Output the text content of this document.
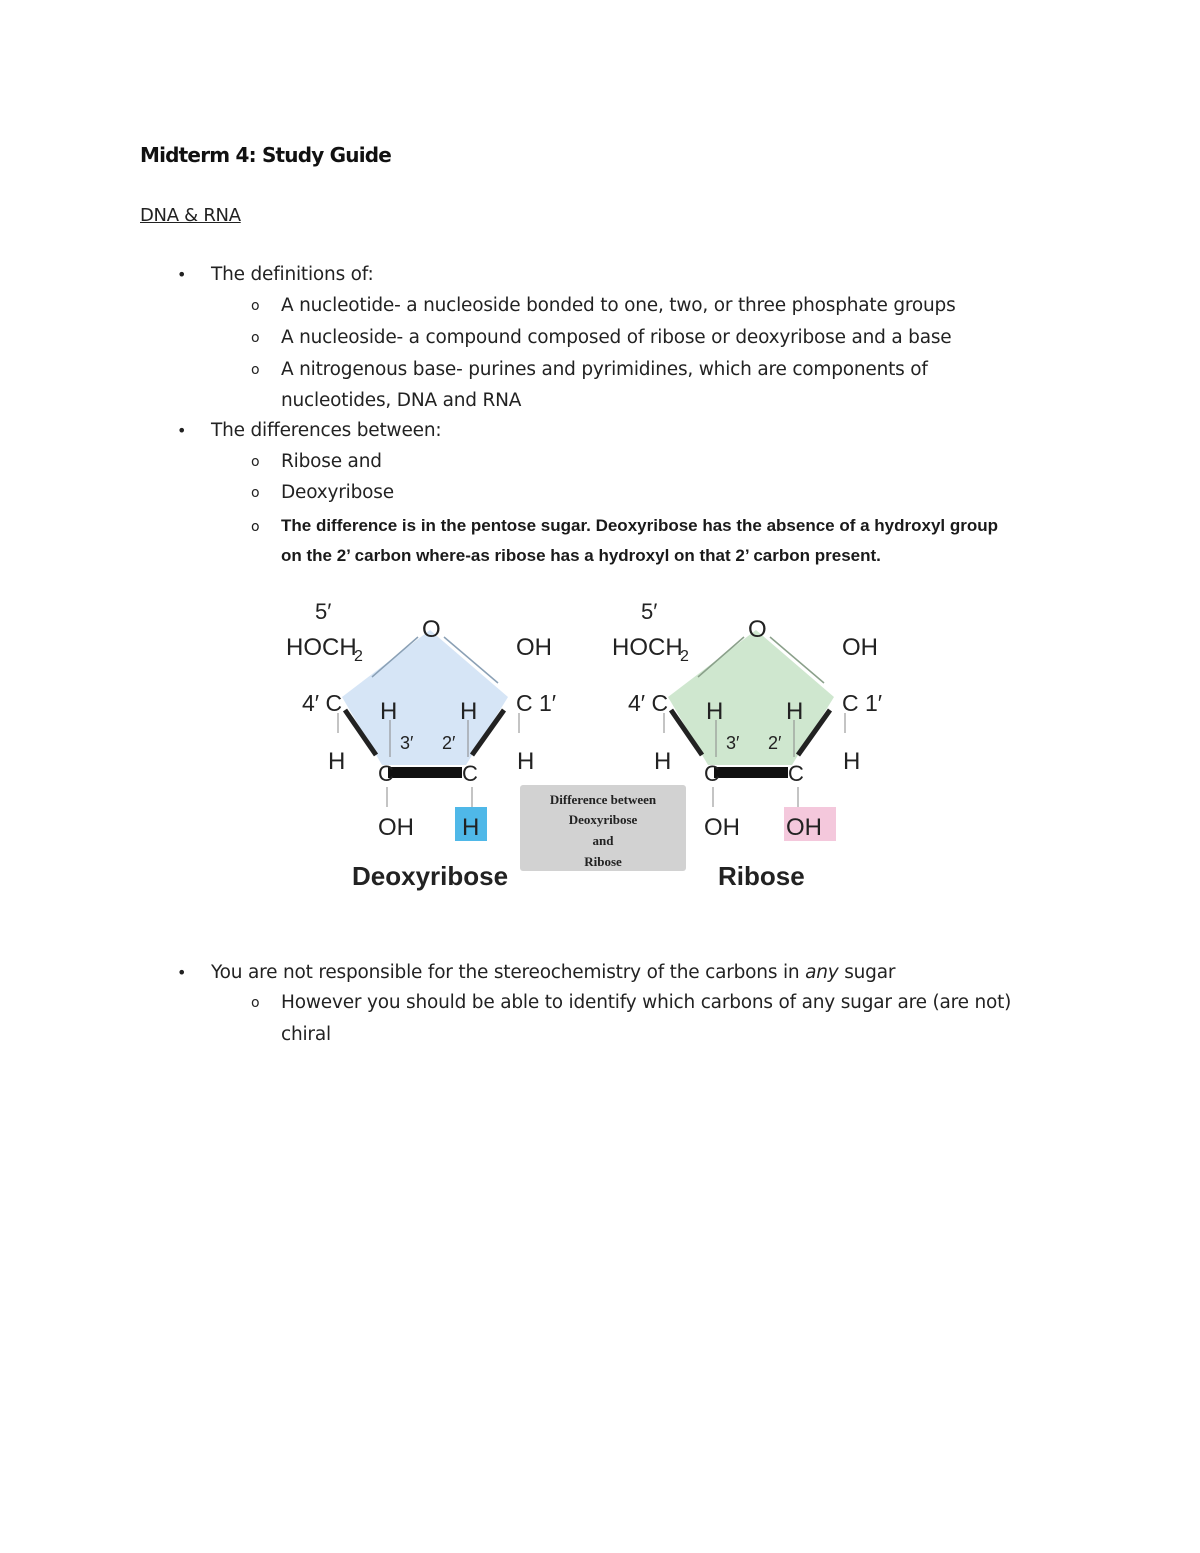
Midterm 4: Study Guide
DNA & RNA
• The definitions of:
o A nucleotide- a nucleoside bonded to one, two, or three phosphate groups
o A nucleoside- a compound composed of ribose or deoxyribose and a base
o A nitrogenous base- purines and pyrimidines, which are components of
nucleotides, DNA and RNA
• The differences between:
o Ribose and
o Deoxyribose
o The difference is in the pentose sugar. Deoxyribose has the absence of a hydroxyl group
on the 2’ carbon where-as ribose has a hydroxyl on that 2’ carbon present.
5′
HOCH
2
O
OH
4′ C	C 1′
H	H
3′ 2′
H	H
C	C
OH H
Deoxyribose
Difference between
Deoxyribose
and
Ribose
5′
HOCH
2
O
OH
4′ C	C 1′
H	H
3′ 2′
H	H
C	C
OH OH
Ribose
• You are not responsible for the stereochemistry of the carbons in any sugar
o However you should be able to identify which carbons of any sugar are (are not)
chiral
